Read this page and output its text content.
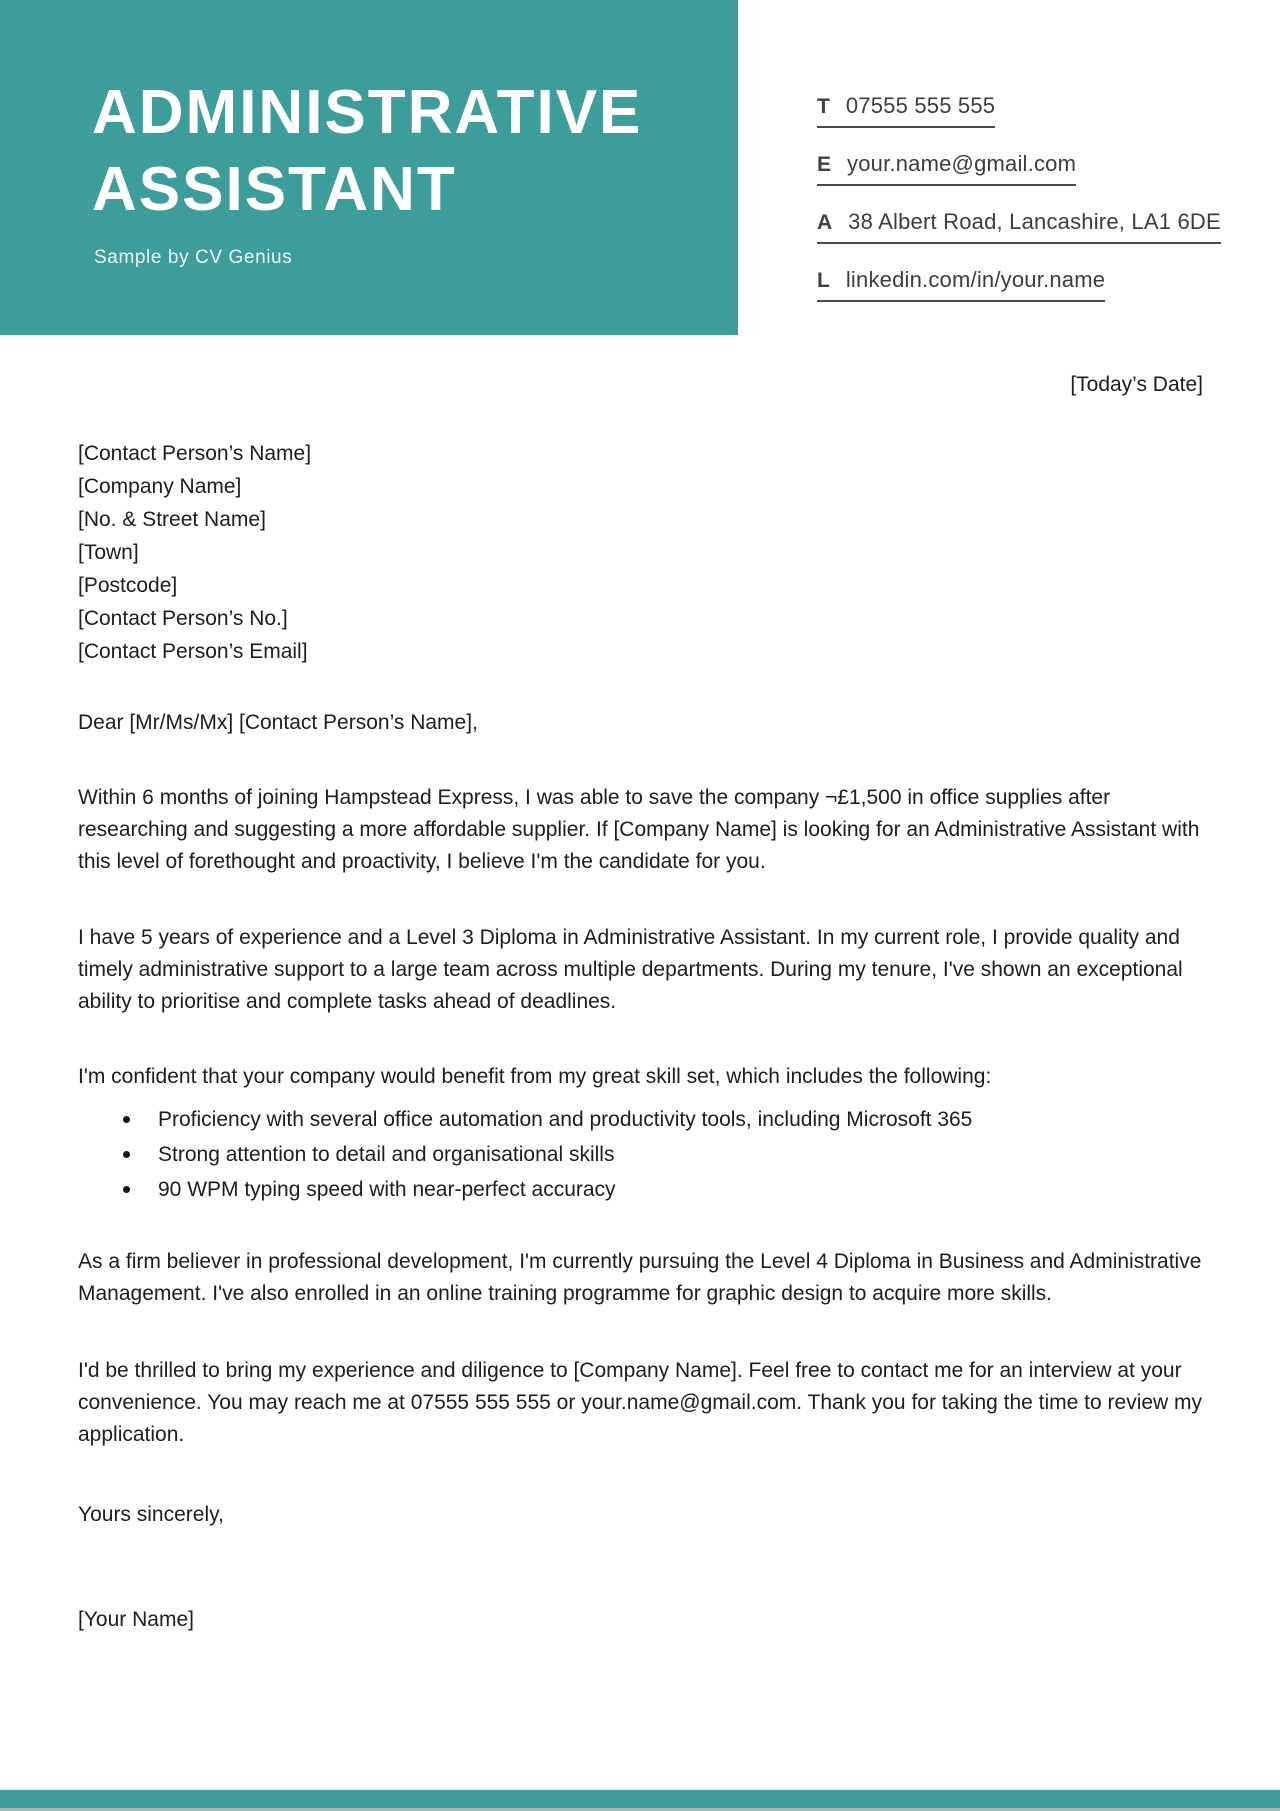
ADMINISTRATIVE
ASSISTANT
Sample by CV Genius
T 07555 555 555
E your.name@gmail.com
A 38 Albert Road, Lancashire, LA1 6DE
L linkedin.com/in/your.name
[Today’s Date]
[Contact Person’s Name]
[Company Name]
[No. & Street Name]
[Town]
[Postcode]
[Contact Person’s No.]
[Contact Person’s Email]
Dear [Mr/Ms/Mx] [Contact Person’s Name],

Within 6 months of joining Hampstead Express, I was able to save the company ¬£1,500 in office supplies after researching and suggesting a more affordable supplier. If [Company Name] is looking for an Administrative Assistant with this level of forethought and proactivity, I believe I'm the candidate for you.

I have 5 years of experience and a Level 3 Diploma in Administrative Assistant. In my current role, I provide quality and timely administrative support to a large team across multiple departments. During my tenure, I've shown an exceptional ability to prioritise and complete tasks ahead of deadlines.

I'm confident that your company would benefit from my great skill set, which includes the following:
Proficiency with several office automation and productivity tools, including Microsoft 365
Strong attention to detail and organisational skills
90 WPM typing speed with near-perfect accuracy

As a firm believer in professional development, I'm currently pursuing the Level 4 Diploma in Business and Administrative Management. I've also enrolled in an online training programme for graphic design to acquire more skills.

I'd be thrilled to bring my experience and diligence to [Company Name]. Feel free to contact me for an interview at your convenience. You may reach me at 07555 555 555 or your.name@gmail.com. Thank you for taking the time to review my application.

Yours sincerely,
[Your Name]
